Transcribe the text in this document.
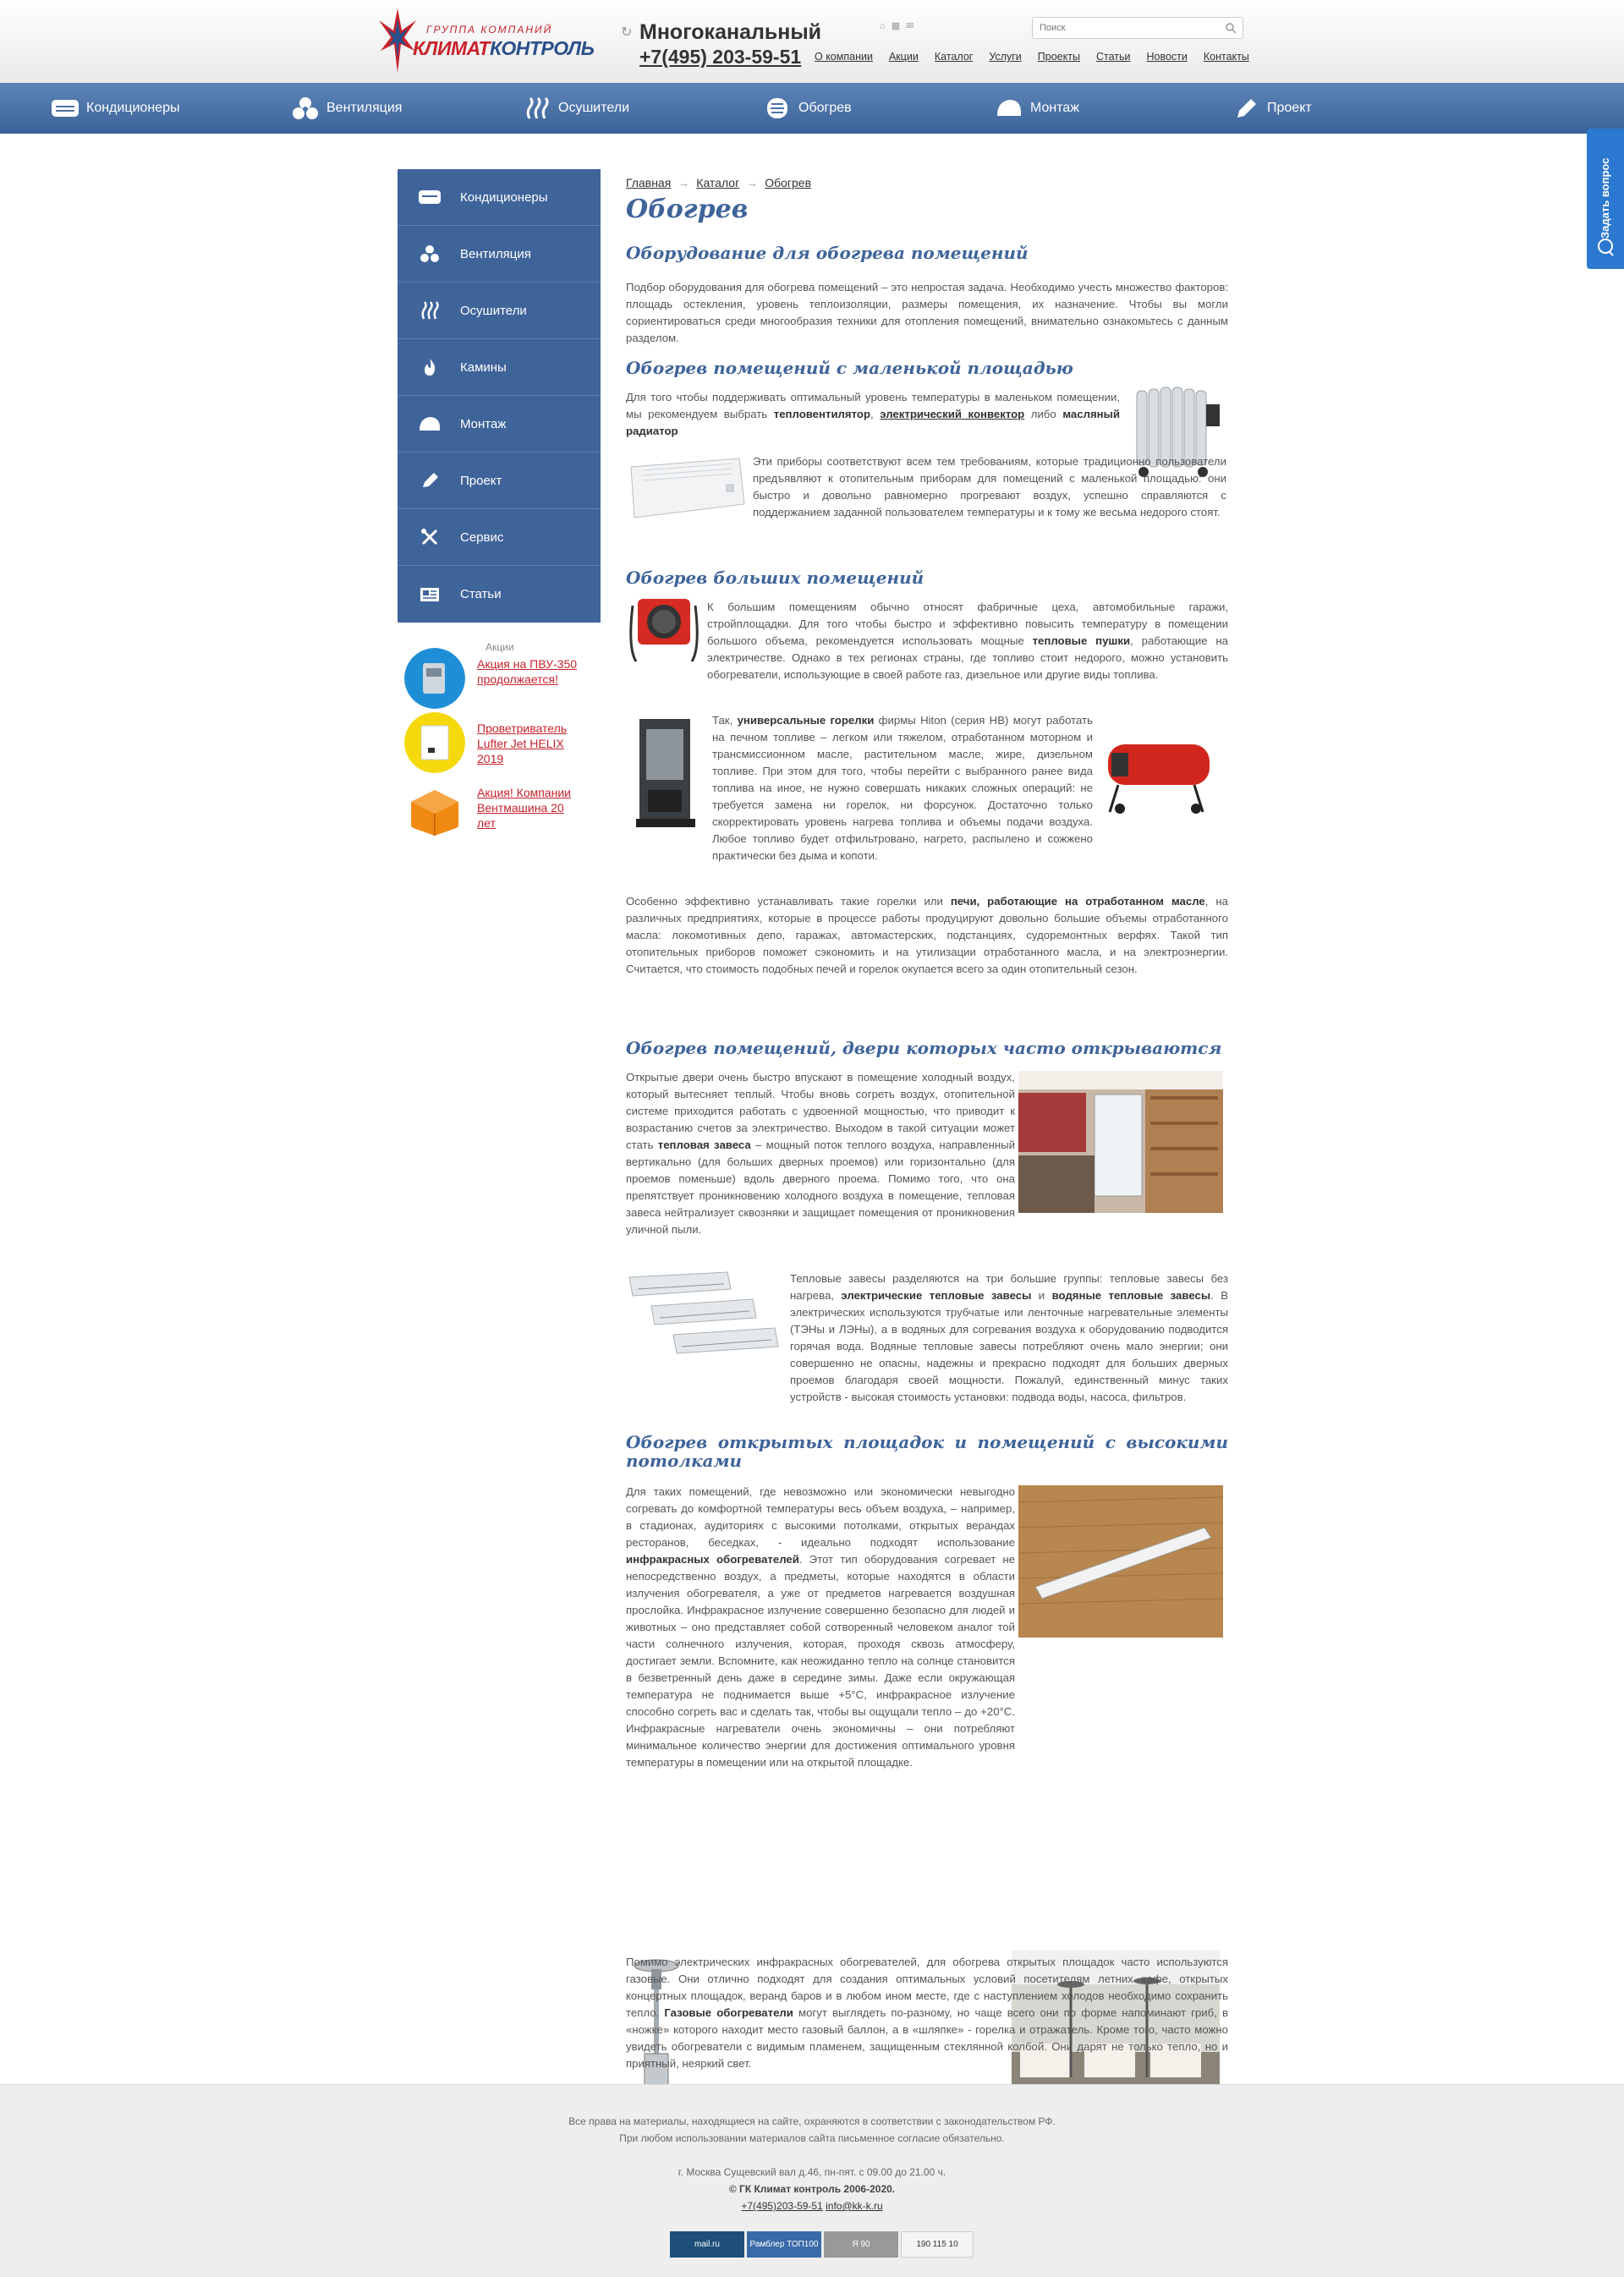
ГРУППА КОМПАНИЙ
КЛИМАТКОНТРОЛЬ
↻ Многоканальный
+7(495) 203-59-51
⌂ ▦ ✉
О компании Акции Каталог Услуги Проекты Статьи Новости Контакты
Поиск
Кондиционеры	Вентиляция	Осушители	Обогрев	Монтаж	Проект
Задать вопрос
Кондиционеры
Вентиляция
Осушители
Камины
Монтаж
Проект
Сервис
Статьи
Акции
Акция на ПВУ-350 продолжается!
Проветриватель Lufter Jet HELIX 2019
Акция! Компании Вентмашина 20 лет
Главная → Каталог → Обогрев
Обогрев
Оборудование для обогрева помещений

Подбор оборудования для обогрева помещений – это непростая задача. Необходимо учесть множество факторов: площадь остекления, уровень теплоизоляции, размеры помещения, их назначение. Чтобы вы могли сориентироваться среди многообразия техники для отопления помещений, внимательно ознакомьтесь с данным разделом.

Обогрев помещений с маленькой площадью

Для того чтобы поддерживать оптимальный уровень температуры в маленьком помещении, мы рекомендуем выбрать тепловентилятор, электрический конвектор либо масляный радиатор

Эти приборы соответствуют всем тем требованиям, которые традиционно пользователи предъявляют к отопительным приборам для помещений с маленькой площадью: они быстро и довольно равномерно прогревают воздух, успешно справляются с поддержанием заданной пользователем температуры и к тому же весьма недорого стоят.

Обогрев больших помещений

К большим помещениям обычно относят фабричные цеха, автомобильные гаражи, стройплощадки. Для того чтобы быстро и эффективно повысить температуру в помещении большого объема, рекомендуется использовать мощные тепловые пушки, работающие на электричестве. Однако в тех регионах страны, где топливо стоит недорого, можно установить обогреватели, использующие в своей работе газ, дизельное или другие виды топлива.

Так, универсальные горелки фирмы Hiton (серия HB) могут работать на печном топливе – легком или тяжелом, отработанном моторном и трансмиссионном масле, растительном масле, жире, дизельном топливе. При этом для того, чтобы перейти с выбранного ранее вида топлива на иное, не нужно совершать никаких сложных операций: не требуется замена ни горелок, ни форсунок. Достаточно только скорректировать уровень нагрева топлива и объемы подачи воздуха. Любое топливо будет отфильтровано, нагрето, распылено и сожжено практически без дыма и копоти.

Особенно эффективно устанавливать такие горелки или печи, работающие на отработанном масле, на различных предприятиях, которые в процессе работы продуцируют довольно большие объемы отработанного масла: локомотивных депо, гаражах, автомастерских, подстанциях, судоремонтных верфях. Такой тип отопительных приборов поможет сэкономить и на утилизации отработанного масла, и на электроэнергии. Считается, что стоимость подобных печей и горелок окупается всего за один отопительный сезон.

Обогрев помещений, двери которых часто открываются

Открытые двери очень быстро впускают в помещение холодный воздух, который вытесняет теплый. Чтобы вновь согреть воздух, отопительной системе приходится работать с удвоенной мощностью, что приводит к возрастанию счетов за электричество. Выходом в такой ситуации может стать тепловая завеса – мощный поток теплого воздуха, направленный вертикально (для больших дверных проемов) или горизонтально (для проемов поменьше) вдоль дверного проема. Помимо того, что она препятствует проникновению холодного воздуха в помещение, тепловая завеса нейтрализует сквозняки и защищает помещения от проникновения уличной пыли.

Тепловые завесы разделяются на три большие группы: тепловые завесы без нагрева, электрические тепловые завесы и водяные тепловые завесы. В электрических используются трубчатые или ленточные нагревательные элементы (ТЭНы и ЛЭНы), а в водяных для согревания воздуха к оборудованию подводится горячая вода. Водяные тепловые завесы потребляют очень мало энергии; они совершенно не опасны, надежны и прекрасно подходят для больших дверных проемов благодаря своей мощности. Пожалуй, единственный минус таких устройств - высокая стоимость установки: подвода воды, насоса, фильтров.

Обогрев открытых площадок и помещений с высокими потолками

Для таких помещений, где невозможно или экономически невыгодно согревать до комфортной температуры весь объем воздуха, – например, в стадионах, аудиториях с высокими потолками, открытых верандах ресторанов, беседках, - идеально подходят использование инфракрасных обогревателей. Этот тип оборудования согревает не непосредственно воздух, а предметы, которые находятся в области излучения обогревателя, а уже от предметов нагревается воздушная прослойка. Инфракрасное излучение совершенно безопасно для людей и животных – оно представляет собой сотворенный человеком аналог той части солнечного излучения, которая, проходя сквозь атмосферу, достигает земли. Вспомните, как неожиданно тепло на солнце становится в безветренный день даже в середине зимы. Даже если окружающая температура не поднимается выше +5°С, инфракрасное излучение способно согреть вас и сделать так, чтобы вы ощущали тепло – до +20°С. Инфракрасные нагреватели очень экономичны – они потребляют минимальное количество энергии для достижения оптимального уровня температуры в помещении или на открытой площадке.

Помимо электрических инфракрасных обогревателей, для обогрева открытых площадок часто используются газовые. Они отлично подходят для создания оптимальных условий посетителям летних кафе, открытых концертных площадок, веранд баров и в любом ином месте, где с наступлением холодов необходимо сохранить тепло. Газовые обогреватели могут выглядеть по-разному, но чаще всего они по форме напоминают гриб, в «ножке» которого находит место газовый баллон, а в «шляпке» - горелка и отражатель. Кроме того, часто можно увидеть обогреватели с видимым пламенем, защищенным стеклянной колбой. Они дарят не только тепло, но и приятный, неяркий свет.

Все права на материалы, находящиеся на сайте, охраняются в соответствии с законодательством РФ.
При любом использовании материалов сайта письменное согласие обязательно.
г. Москва Сущевский вал д.46, пн-пят. с 09.00 до 21.00 ч.
© ГК Климат контроль 2006-2020.
+7(495)203-59-51 info@kk-k.ru
mail.ru	Рамблер ТОП100	Я 90	190 115 10
